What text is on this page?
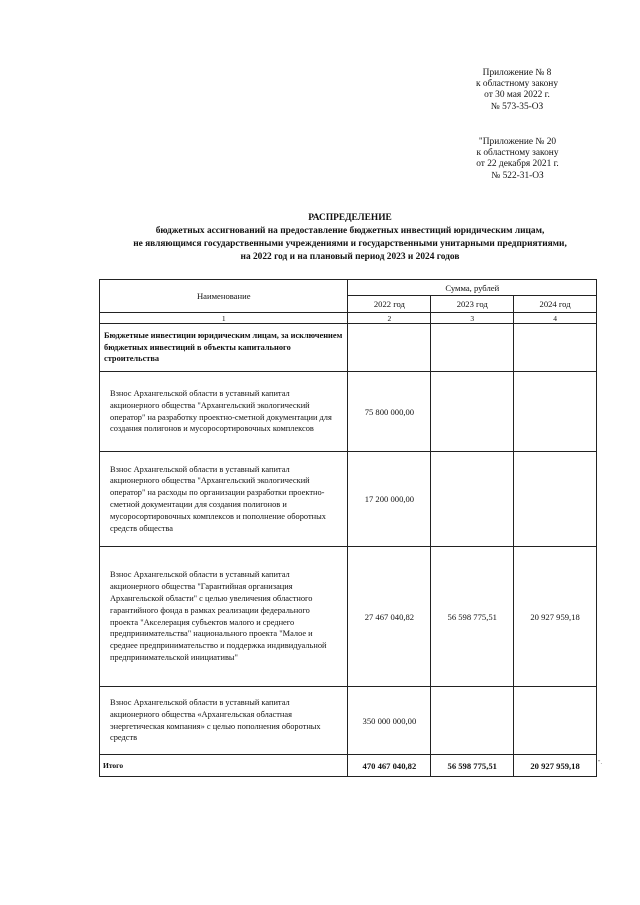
Приложение № 8
к областному закону
от 30 мая 2022 г.
№ 573-35-ОЗ
"Приложение № 20
к областному закону
от 22 декабря 2021 г.
№ 522-31-ОЗ
РАСПРЕДЕЛЕНИЕ
бюджетных ассигнований на предоставление бюджетных инвестиций юридическим лицам,
не являющимся государственными учреждениями и государственными унитарными предприятиями,
на 2022 год и на плановый период 2023 и 2024 годов
Наименование	Сумма, рублей		
	2022 год	2023 год	2024 год
1	2	3	4
Бюджетные инвестиции юридическим лицам, за исключением бюджетных инвестиций в объекты капитального строительства			
Взнос Архангельской области в уставный капитал акционерного общества "Архангельский экологический оператор" на разработку проектно-сметной документации для создания полигонов и мусоросортировочных комплексов	75 800 000,00		
Взнос Архангельской области в уставный капитал акционерного общества "Архангельский экологический оператор" на расходы по организации разработки проектно-сметной документации для создания полигонов и мусоросортировочных комплексов и пополнение оборотных средств общества	17 200 000,00		
Взнос Архангельской области в уставный капитал акционерного общества "Гарантийная организация Архангельской области" с целью увеличения областного гарантийного фонда в рамках реализации федерального проекта "Акселерация субъектов малого и среднего предпринимательства" национального проекта "Малое и среднее предпринимательство и поддержка индивидуальной предпринимательской инициативы"	27 467 040,82	56 598 775,51	20 927 959,18
Взнос Архангельской области в уставный капитал акционерного общества «Архангельская областная энергетическая компания» с целью пополнения оборотных средств	350 000 000,00		
Итого	470 467 040,82	56 598 775,51	20 927 959,18	".
